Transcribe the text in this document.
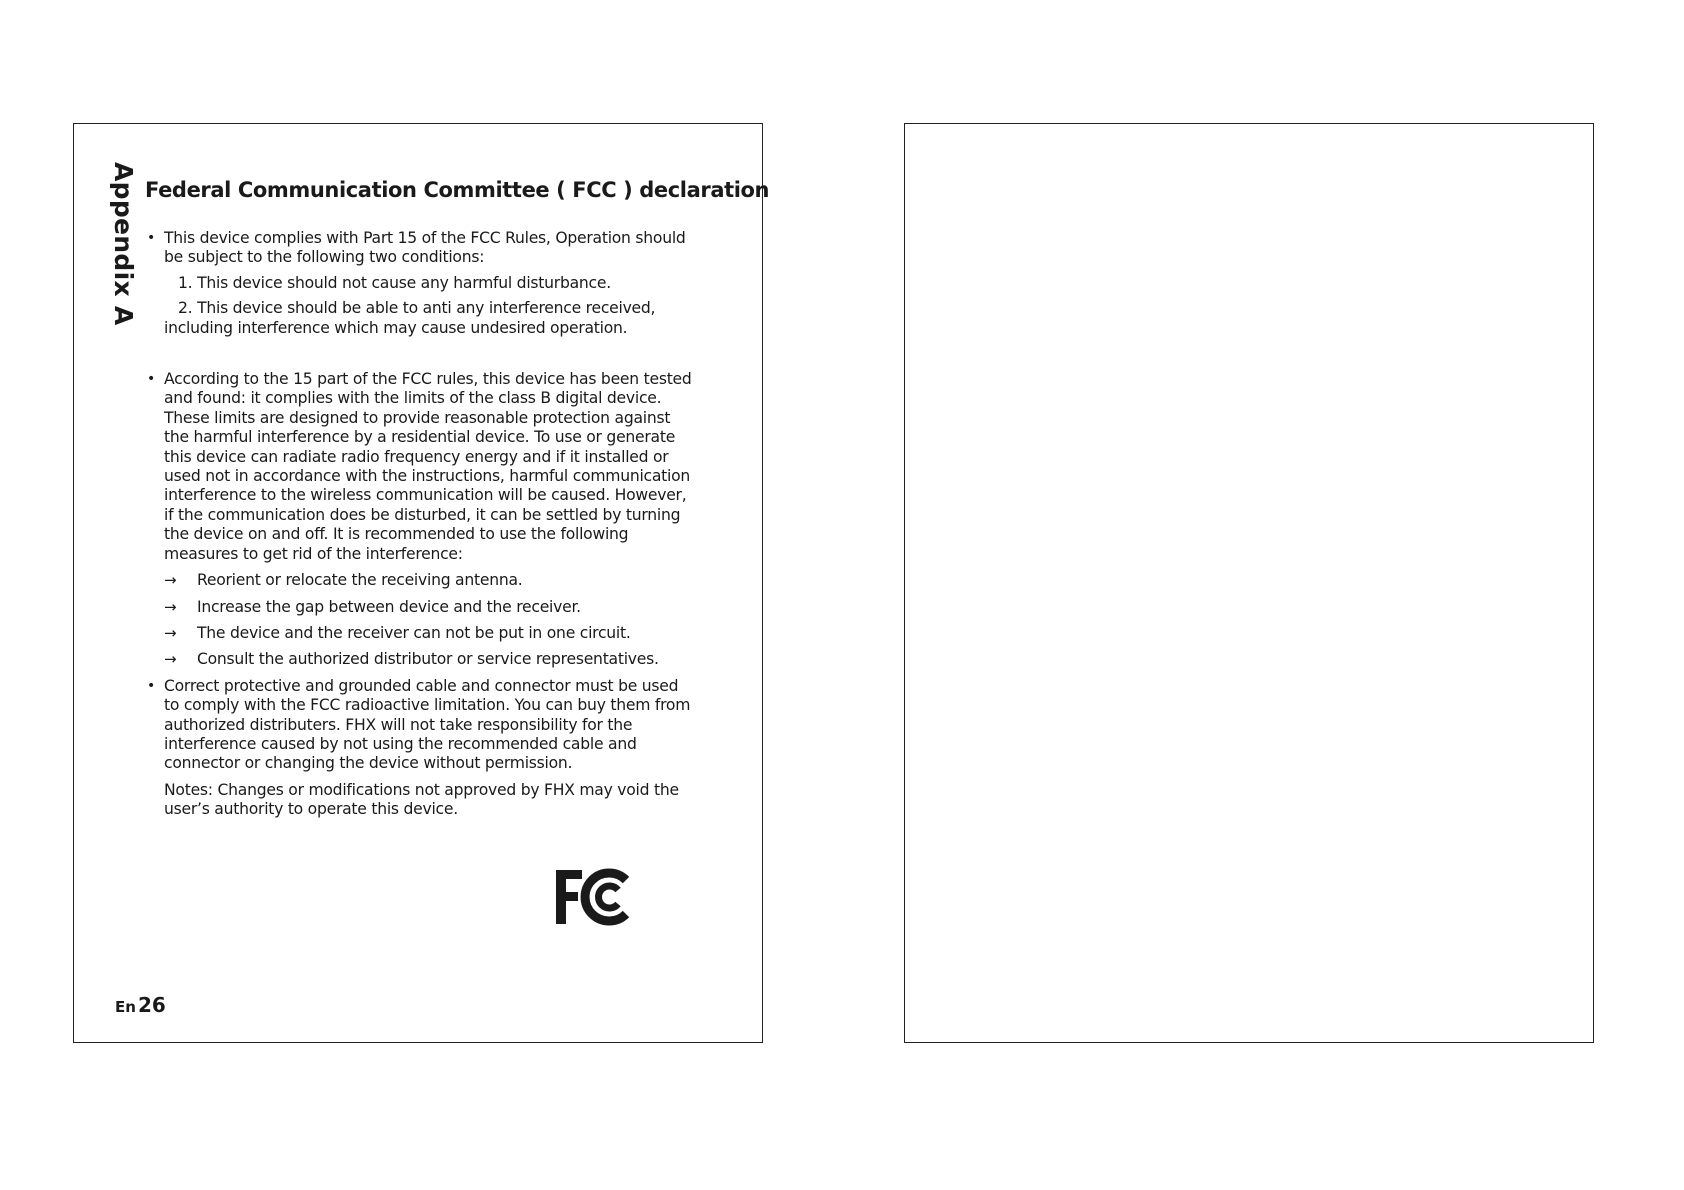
Appendix A Federal Communication Committee ( FCC ) declaration
• This device complies with Part 15 of the FCC Rules, Operation should be subject to the following two conditions:
1. This device should not cause any harmful disturbance.
2. This device should be able to anti any interference received, including interference which may cause undesired operation.
• According to the 15 part of the FCC rules, this device has been tested and found: it complies with the limits of the class B digital device. These limits are designed to provide reasonable protection against the harmful interference by a residential device. To use or generate this device can radiate radio frequency energy and if it installed or used not in accordance with the instructions, harmful communication interference to the wireless communication will be caused. However, if the communication does be disturbed, it can be settled by turning the device on and off. It is recommended to use the following measures to get rid of the interference:
→ Reorient or relocate the receiving antenna.
→ Increase the gap between device and the receiver.
→ The device and the receiver can not be put in one circuit.
→ Consult the authorized distributor or service representatives.
• Correct protective and grounded cable and connector must be used to comply with the FCC radioactive limitation. You can buy them from authorized distributers. FHX will not take responsibility for the interference caused by not using the recommended cable and connector or changing the device without permission.
Notes: Changes or modifications not approved by FHX may void the user’s authority to operate this device.
En 26
